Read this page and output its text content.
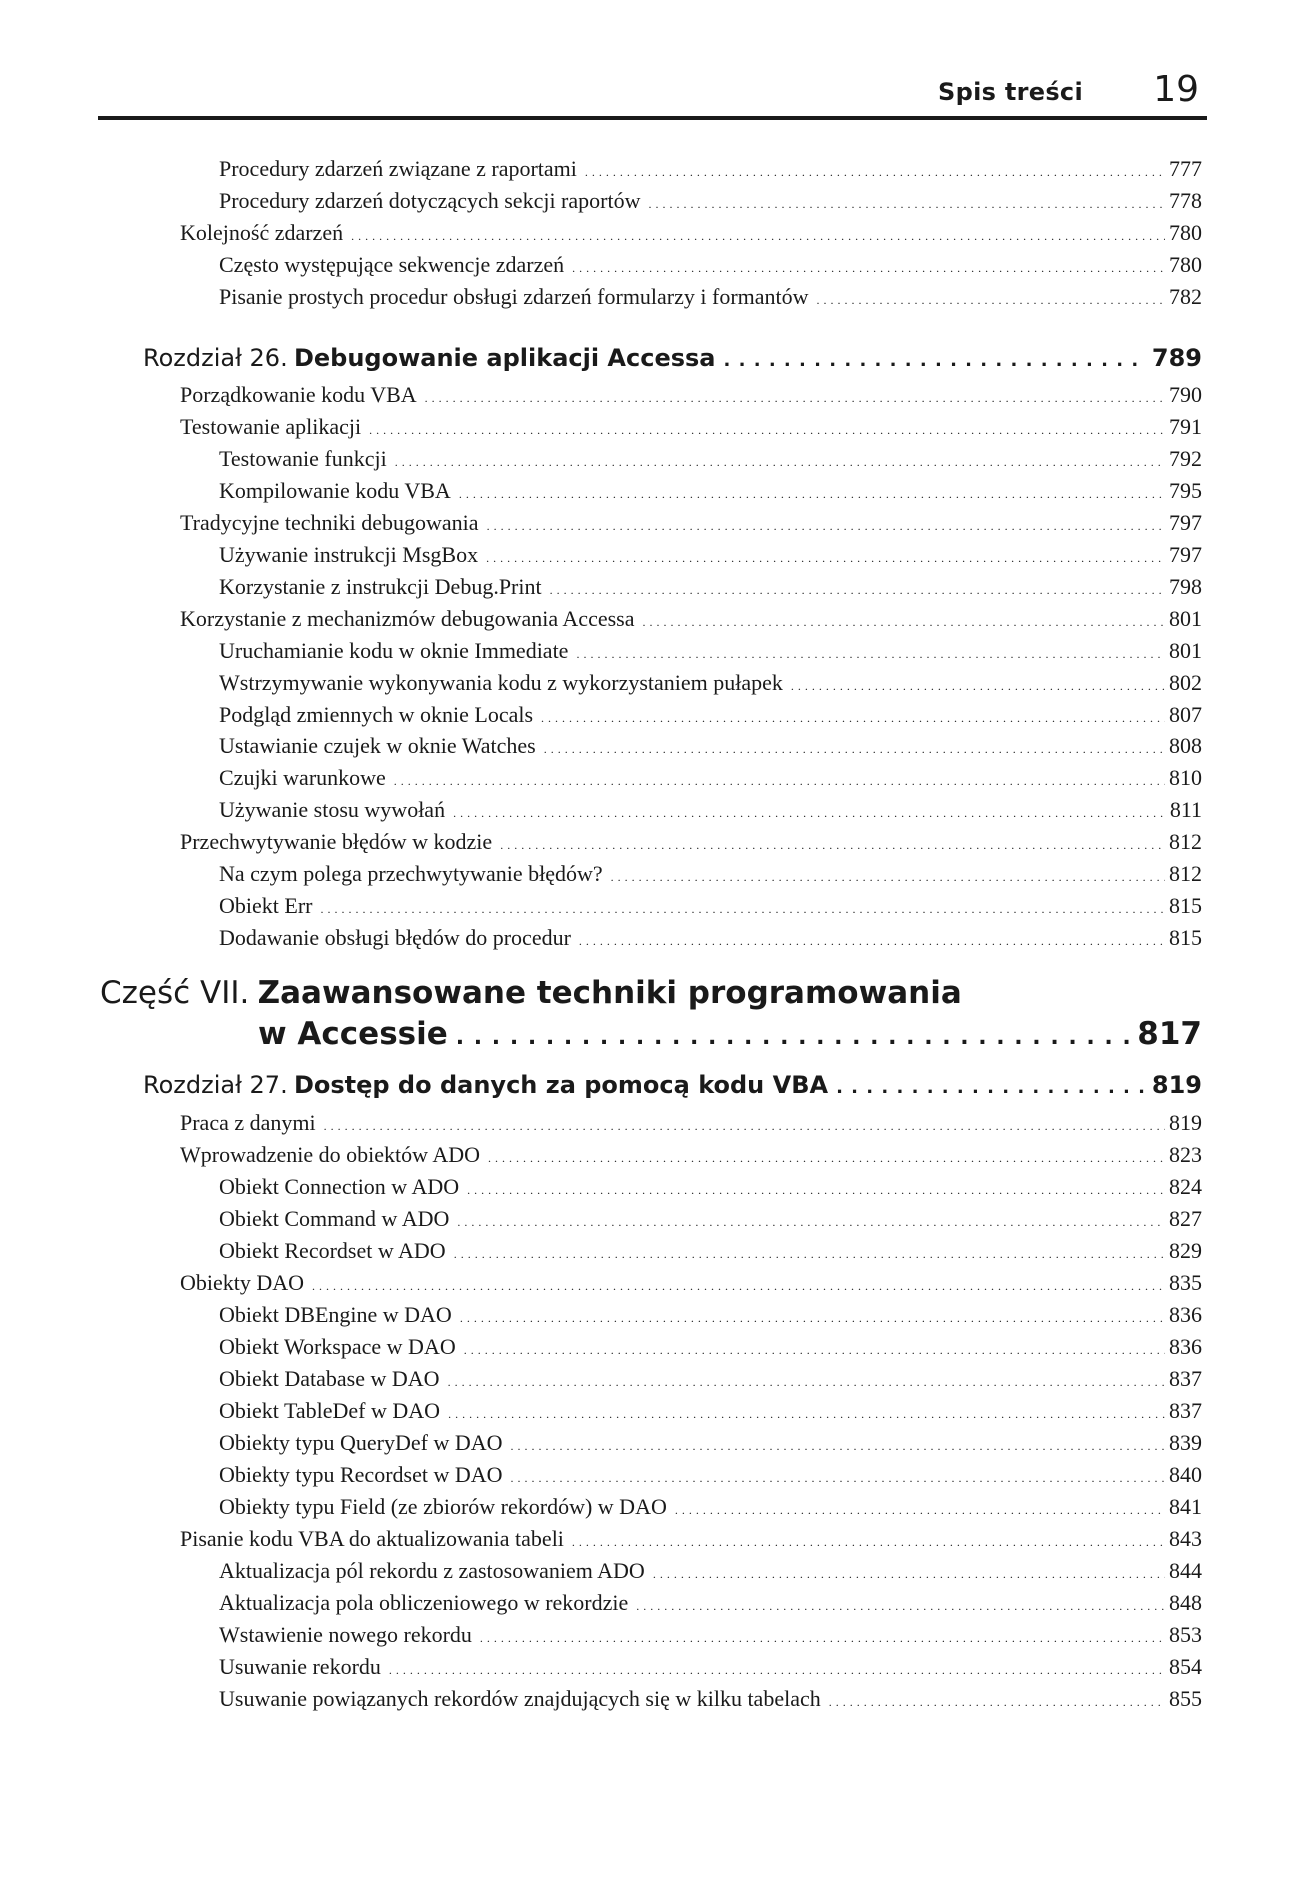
Spis treści 19
Procedury zdarzeń związane z raportami . . .	777
Procedury zdarzeń dotyczących sekcji raportów . . .	778
Kolejność zdarzeń . . .	780
Często występujące sekwencje zdarzeń . . .	780
Pisanie prostych procedur obsługi zdarzeń formularzy i formantów . . .	782
Rozdział 26.
Debugowanie aplikacji Accessa . . .	789
Porządkowanie kodu VBA . . .	790
Testowanie aplikacji . . .	791
Testowanie funkcji . . .	792
Kompilowanie kodu VBA . . .	795
Tradycyjne techniki debugowania . . .	797
Używanie instrukcji MsgBox . . .	797
Korzystanie z instrukcji Debug.Print . . .	798
Korzystanie z mechanizmów debugowania Accessa . . .	801
Uruchamianie kodu w oknie Immediate . . .	801
Wstrzymywanie wykonywania kodu z wykorzystaniem pułapek . . .	802
Podgląd zmiennych w oknie Locals . . .	807
Ustawianie czujek w oknie Watches . . .	808
Czujki warunkowe . . .	810
Używanie stosu wywołań . . .	811
Przechwytywanie błędów w kodzie . . .	812
Na czym polega przechwytywanie błędów? . . .	812
Obiekt Err . . .	815
Dodawanie obsługi błędów do procedur . . .	815
Część VII. Zaawansowane techniki programowania
w Accessie . . .	817
Rozdział 27.
Dostęp do danych za pomocą kodu VBA . . .	819
Praca z danymi . . .	819
Wprowadzenie do obiektów ADO . . .	823
Obiekt Connection w ADO . . .	824
Obiekt Command w ADO . . .	827
Obiekt Recordset w ADO . . .	829
Obiekty DAO . . .	835
Obiekt DBEngine w DAO . . .	836
Obiekt Workspace w DAO . . .	836
Obiekt Database w DAO . . .	837
Obiekt TableDef w DAO . . .	837
Obiekty typu QueryDef w DAO . . .	839
Obiekty typu Recordset w DAO . . .	840
Obiekty typu Field (ze zbiorów rekordów) w DAO . . .	841
Pisanie kodu VBA do aktualizowania tabeli . . .	843
Aktualizacja pól rekordu z zastosowaniem ADO . . .	844
Aktualizacja pola obliczeniowego w rekordzie . . .	848
Wstawienie nowego rekordu . . .	853
Usuwanie rekordu . . .	854
Usuwanie powiązanych rekordów znajdujących się w kilku tabelach . . .	855
